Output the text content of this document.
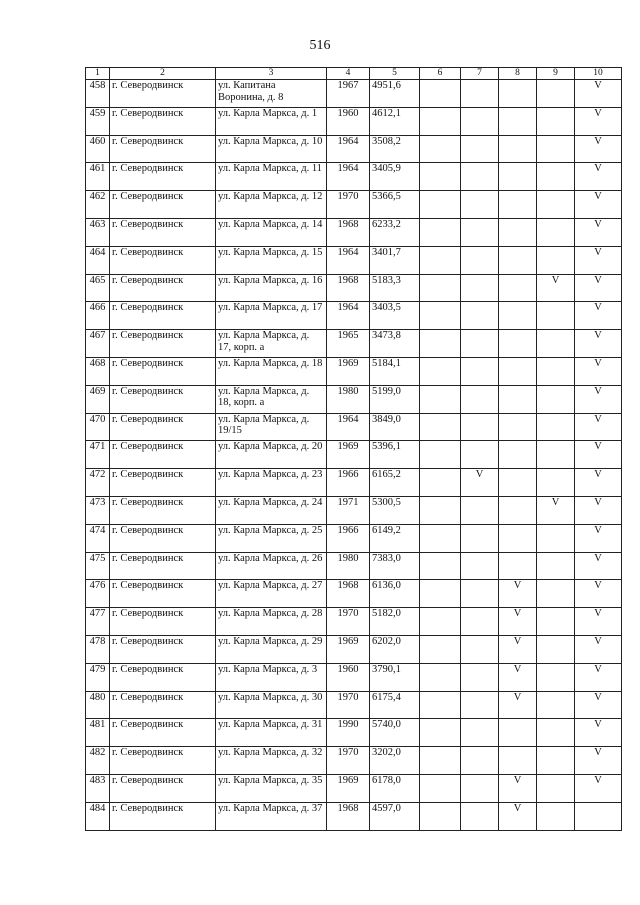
516
1	2	3	4	5	6	7	8	9	10
458	г. Северодвинск	ул. Капитана Воронина, д. 8	1967	4951,6					V
459	г. Северодвинск	ул. Карла Маркса, д. 1	1960	4612,1					V
460	г. Северодвинск	ул. Карла Маркса, д. 10	1964	3508,2					V
461	г. Северодвинск	ул. Карла Маркса, д. 11	1964	3405,9					V
462	г. Северодвинск	ул. Карла Маркса, д. 12	1970	5366,5					V
463	г. Северодвинск	ул. Карла Маркса, д. 14	1968	6233,2					V
464	г. Северодвинск	ул. Карла Маркса, д. 15	1964	3401,7					V
465	г. Северодвинск	ул. Карла Маркса, д. 16	1968	5183,3				V	V
466	г. Северодвинск	ул. Карла Маркса, д. 17	1964	3403,5					V
467	г. Северодвинск	ул. Карла Маркса, д. 17, корп. а	1965	3473,8					V
468	г. Северодвинск	ул. Карла Маркса, д. 18	1969	5184,1					V
469	г. Северодвинск	ул. Карла Маркса, д. 18, корп. а	1980	5199,0					V
470	г. Северодвинск	ул. Карла Маркса, д. 19/15	1964	3849,0					V
471	г. Северодвинск	ул. Карла Маркса, д. 20	1969	5396,1					V
472	г. Северодвинск	ул. Карла Маркса, д. 23	1966	6165,2		V			V
473	г. Северодвинск	ул. Карла Маркса, д. 24	1971	5300,5				V	V
474	г. Северодвинск	ул. Карла Маркса, д. 25	1966	6149,2					V
475	г. Северодвинск	ул. Карла Маркса, д. 26	1980	7383,0					V
476	г. Северодвинск	ул. Карла Маркса, д. 27	1968	6136,0			V		V
477	г. Северодвинск	ул. Карла Маркса, д. 28	1970	5182,0			V		V
478	г. Северодвинск	ул. Карла Маркса, д. 29	1969	6202,0			V		V
479	г. Северодвинск	ул. Карла Маркса, д. 3	1960	3790,1			V		V
480	г. Северодвинск	ул. Карла Маркса, д. 30	1970	6175,4			V		V
481	г. Северодвинск	ул. Карла Маркса, д. 31	1990	5740,0					V
482	г. Северодвинск	ул. Карла Маркса, д. 32	1970	3202,0					V
483	г. Северодвинск	ул. Карла Маркса, д. 35	1969	6178,0			V		V
484	г. Северодвинск	ул. Карла Маркса, д. 37	1968	4597,0			V		
